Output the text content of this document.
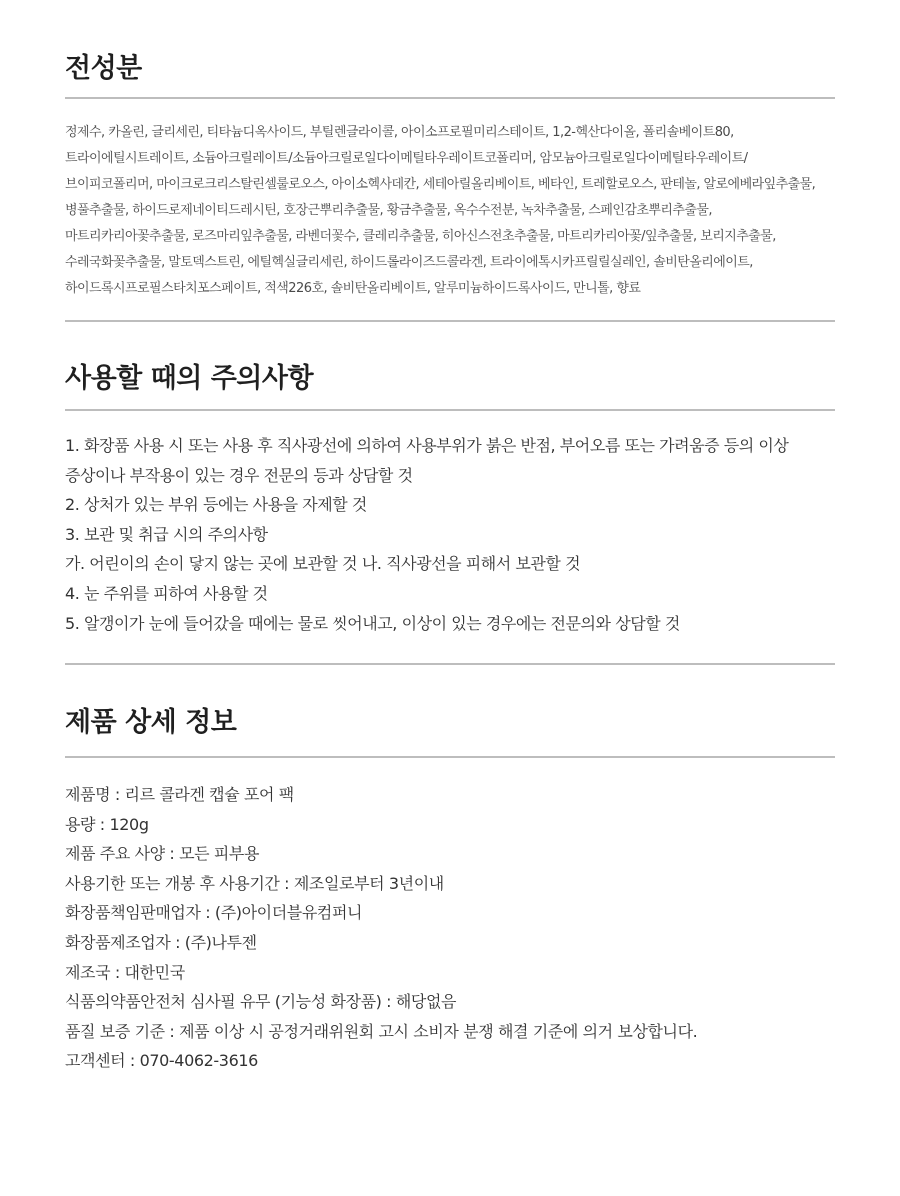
전성분

정제수, 카올린, 글리세린, 티타늄디옥사이드, 부틸렌글라이콜, 아이소프로필미리스테이트, 1,2-헥산다이올, 폴리솔베이트80, 트라이에틸시트레이트, 소듐아크릴레이트/소듐아크릴로일다이메틸타우레이트코폴리머, 암모늄아크릴로일다이메틸타우레이트/브이피코폴리머, 마이크로크리스탈린셀룰로오스, 아이소헥사데칸, 세테아릴올리베이트, 베타인, 트레할로오스, 판테놀, 알로에베라잎추출물, 병풀추출물, 하이드로제네이티드레시틴, 호장근뿌리추출물, 황금추출물, 옥수수전분, 녹차추출물, 스페인감초뿌리추출물, 마트리카리아꽃추출물, 로즈마리잎추출물, 라벤더꽃수, 클레리추출물, 히아신스전초추출물, 마트리카리아꽃/잎추출물, 보리지추출물, 수레국화꽃추출물, 말토덱스트린, 에틸헥실글리세린, 하이드롤라이즈드콜라겐, 트라이에톡시카프릴릴실레인, 솔비탄올리에이트, 하이드록시프로필스타치포스페이트, 적색226호, 솔비탄올리베이트, 알루미늄하이드록사이드, 만니톨, 향료

사용할 때의 주의사항
1. 화장품 사용 시 또는 사용 후 직사광선에 의하여 사용부위가 붉은 반점, 부어오름 또는 가려움증 등의 이상
증상이나 부작용이 있는 경우 전문의 등과 상담할 것
2. 상처가 있는 부위 등에는 사용을 자제할 것
3. 보관 및 취급 시의 주의사항
가. 어린이의 손이 닿지 않는 곳에 보관할 것 나. 직사광선을 피해서 보관할 것
4. 눈 주위를 피하여 사용할 것
5. 알갱이가 눈에 들어갔을 때에는 물로 씻어내고, 이상이 있는 경우에는 전문의와 상담할 것
제품 상세 정보
제품명 : 리르 콜라겐 캡슐 포어 팩
용량 : 120g
제품 주요 사양 : 모든 피부용
사용기한 또는 개봉 후 사용기간 : 제조일로부터 3년이내
화장품책임판매업자 : (주)아이더블유컴퍼니
화장품제조업자 : (주)나투젠
제조국 : 대한민국
식품의약품안전처 심사필 유무 (기능성 화장품) : 해당없음
품질 보증 기준 : 제품 이상 시 공정거래위원회 고시 소비자 분쟁 해결 기준에 의거 보상합니다.
고객센터 : 070-4062-3616
